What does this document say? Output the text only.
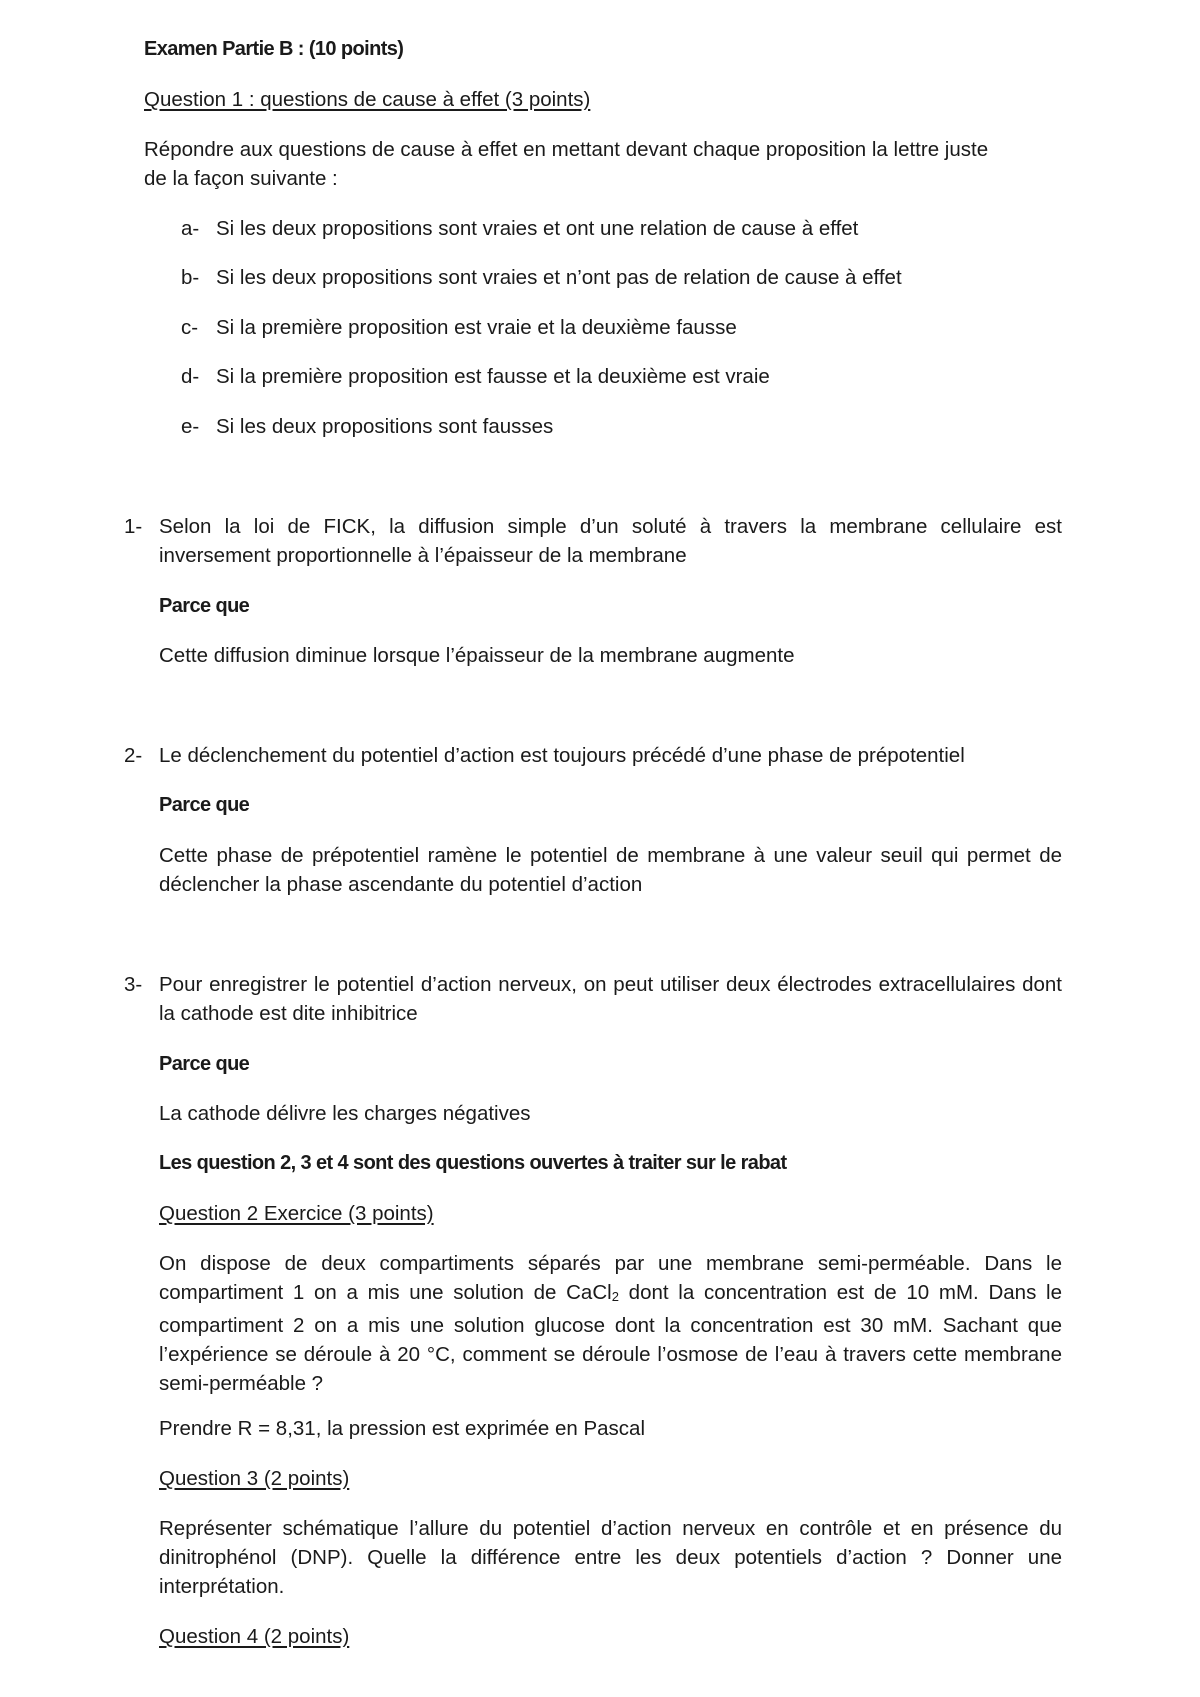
Examen Partie B : (10 points)

Question 1 : questions de cause à effet (3 points)

Répondre aux questions de cause à effet en mettant devant chaque proposition la lettre juste

de la façon suivante :

a- Si les deux propositions sont vraies et ont une relation de cause à effet

b- Si les deux propositions sont vraies et n’ont pas de relation de cause à effet

c- Si la première proposition est vraie et la deuxième fausse

d- Si la première proposition est fausse et la deuxième est vraie

e- Si les deux propositions sont fausses

1- Selon la loi de FICK, la diffusion simple d’un soluté à travers la membrane cellulaire est inversement proportionnelle à l’épaisseur de la membrane

Parce que

Cette diffusion diminue lorsque l’épaisseur de la membrane augmente

2- Le déclenchement du potentiel d’action est toujours précédé d’une phase de prépotentiel

Parce que

Cette phase de prépotentiel ramène le potentiel de membrane à une valeur seuil qui permet de déclencher la phase ascendante du potentiel d’action

3- Pour enregistrer le potentiel d’action nerveux, on peut utiliser deux électrodes extracellulaires dont la cathode est dite inhibitrice

Parce que

La cathode délivre les charges négatives

Les question 2, 3 et 4 sont des questions ouvertes à traiter sur le rabat

Question 2 Exercice (3 points)

On dispose de deux compartiments séparés par une membrane semi-perméable. Dans le compartiment 1 on a mis une solution de CaCl$_2$ dont la concentration est de 10 mM. Dans le compartiment 2 on a mis une solution glucose dont la concentration est 30 mM. Sachant que l’expérience se déroule à 20 °C, comment se déroule l’osmose de l’eau à travers cette membrane semi-perméable ?

Prendre R = 8,31, la pression est exprimée en Pascal

Question 3 (2 points)

Représenter schématique l’allure du potentiel d’action nerveux en contrôle et en présence du dinitrophénol (DNP). Quelle la différence entre les deux potentiels d’action ? Donner une interprétation.

Question 4 (2 points)
